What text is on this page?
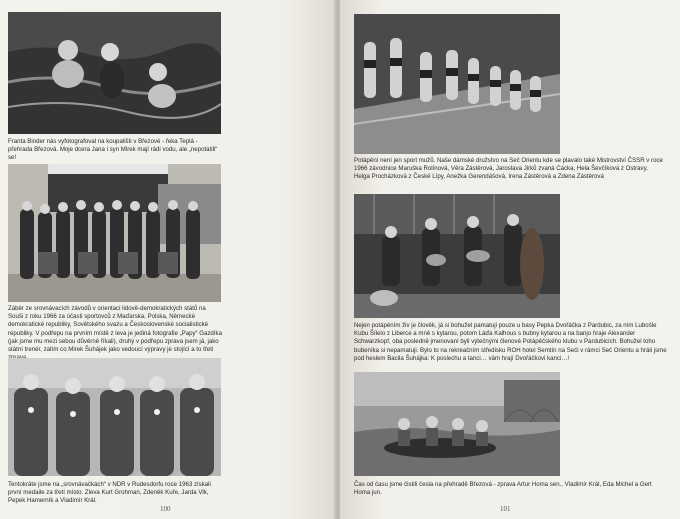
Franta Binder nás vyfotografoval na koupališti v Březové - řeka Teplá - přehrada Březová. Moje dcera Jana i syn Mirek mají rádi vodu, ale „nepotatili“ se!

Záběr ze srovnávacích závodů v orientaci lidově-demokratických států na Souši z roku 1966 za účasti sportovců z Maďarska, Polska, Německé demokratické republiky, Sovětského svazu a Československé socialistické republiky. V podřepu na prvním místě z leva je jediná fotografie „Papy“ Gazdíka (jak jsme mu mezi sebou důvěrně říkali), druhý v podřepu zprava jsem já, jako státní trenér, zatím co Mirek Šuhájek jako vedoucí výpravy je stojící a to třetí

Tentokráte jsme na „srovnávačkách“ v NDR v Rudesdorfu roce 1963 získali první medaile za třetí místo. Zleva Kurt Grohman, Zdeněk Kuře, Jarda Vlk, Pepek Hamerník a Vladimír Král.

100

Potápění není jen sport mužů. Naše dámské družstvo na Seč Orientu kde se plavalo také Mistrovství ČSSR v roce 1966 závodnice Maruška Rolínová, Věra Zástěrová, Jaroslava Jirků zvaná Cácka, Hela Ševčíková z Ostravy, Helga Procházková z České Lípy, Anežka Gerendášová, Irena Zástěrová a Zdena Zástěrová

Nejen potápěním živ je člověk, já si bohužel pamatuji pouze u basy Pepka Dvořáčka z Pardubic, za ním Lubošle Kubu Šílelo z Liberce a mně s kytarou, potom Láďa Kalhous s bubny kytarou a na banjo hraje Alexander Schwarzkopf, oba posledně jmenovaní byli výtečnými členové Potápěčského klubu v Pardubicích. Bohužel toho bubeníka si nepamatuji. Bylo to na rekreačním středisku ROH hotel Semtín na Seči v rámci Seč Orientu a hráli jsme pod heslem Bacila Šuhájka: K poslechu a tanci… vám hrají Dvořáčkovi kanci…!

Čas od času jsme čistili česla na přehradě Březová - zprava Artur Homa sen., Vladimír Král, Eda Michel a Gert Homa jun.

101
